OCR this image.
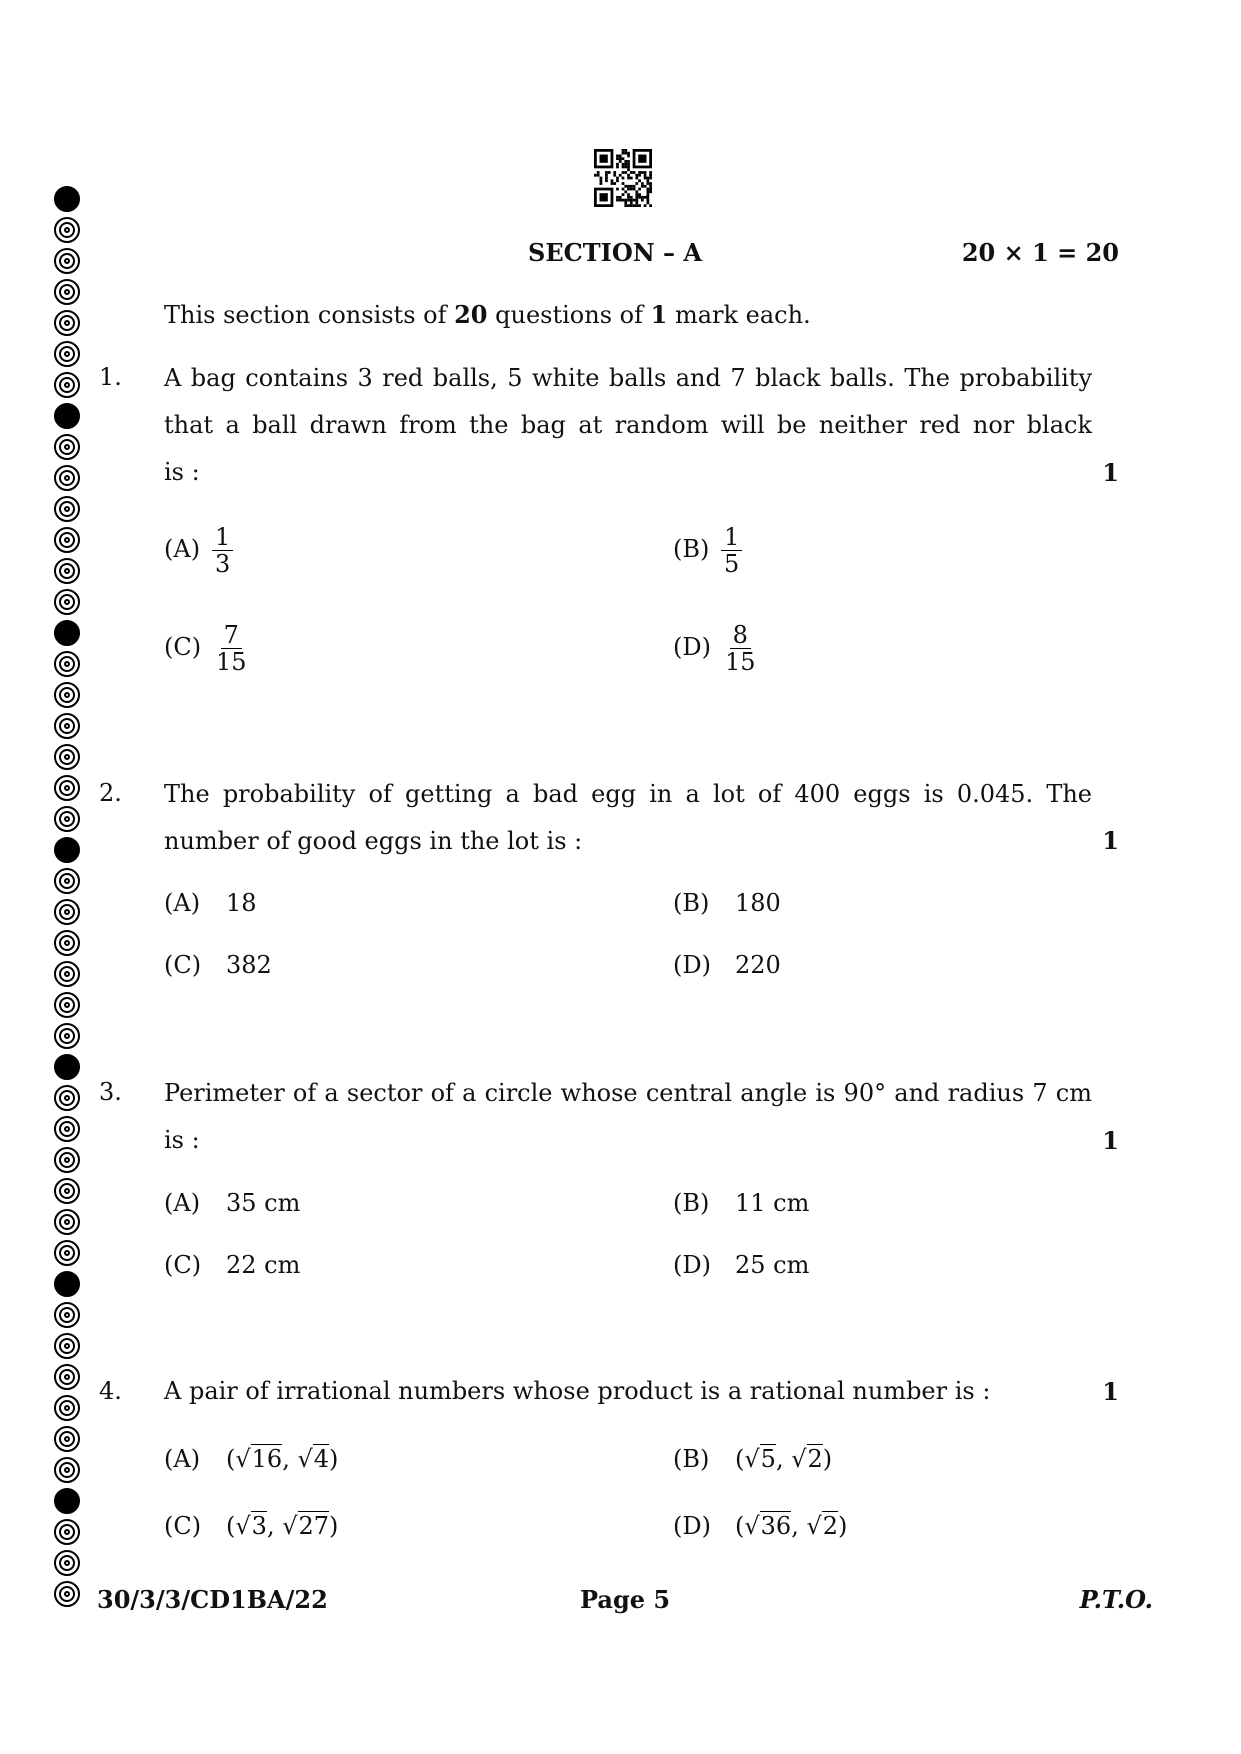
SECTION – A	20 × 1 = 20
This section consists of 20 questions of 1 mark each.
1. A bag contains 3 red balls, 5 white balls and 7 black balls. The probability
that a ball drawn from the bag at random will be neither red nor black
is :	1
$(A) \frac{1}{3}$	$(B) \frac{1}{5}$
$(C) \frac{7}{15}$	$(D) \frac{8}{15}$
2. The probability of getting a bad egg in a lot of 400 eggs is 0.045. The
number of good eggs in the lot is :	1
(A) 18	(B) 180
(C) 382	(D) 220
3. Perimeter of a sector of a circle whose central angle is 90° and radius 7 cm
is :	1
(A) 35 cm	(B) 11 cm
(C) 22 cm	(D) 25 cm
4. A pair of irrational numbers whose product is a rational number is :	1
(A) (√16, √4)	(B) (√5, √2)
(C) (√3, √27)	(D) (√36, √2)
30/3/3/CD1BA/22	Page 5	P.T.O.
